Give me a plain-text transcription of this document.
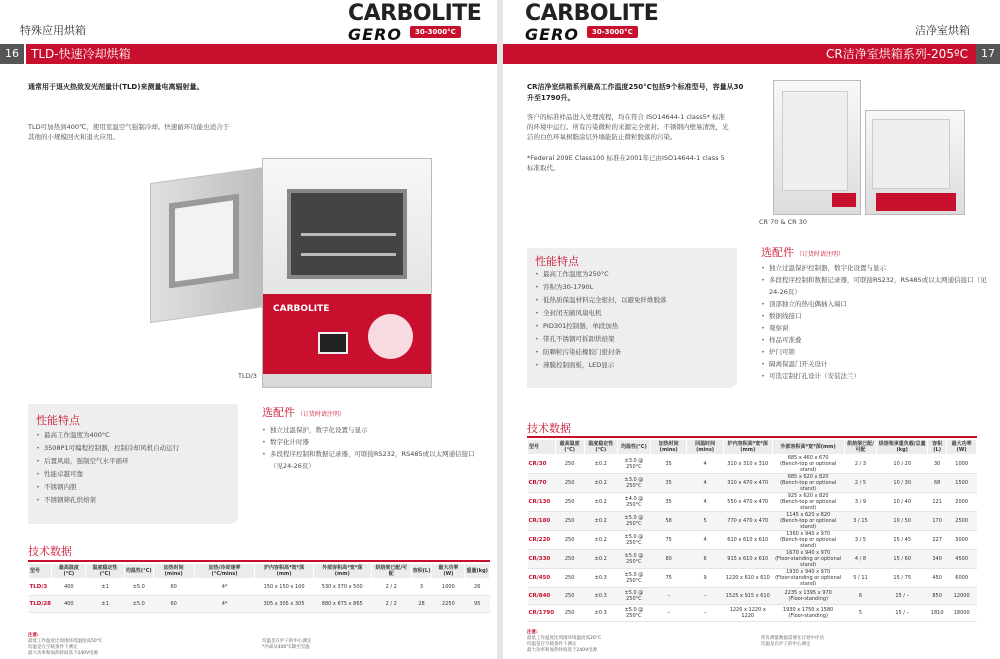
特殊应用烘箱
CARBOLITE
GERO	30-3000°C
16	TLD-快速冷却烘箱
通常用于退火热致发光剂量计(TLD)来测量电离辐射量。
TLD可加热到400℃，使用室温空气强制冷却。快速循环功能也适合于
其他的小规模回火和退火应用。
CARBOLITE
TLD/3
性能特点
• 最高工作温度为400°C
• 3508P1可编程控制器，控制冷却风机自动运行
• 后置风扇，强制空气水平循环
• 性能卓越可靠
• 不锈钢内胆
• 不锈钢筛孔烘焙架
选配件 （订货时请注明）
• 独立过温保护，数字化设置与显示
• 数字化计时器
• 多段程序控制和数据记录器，可联接RS232，RS485或以太网通信接口（见24-26页）
技术数据
型号	最高温度(°C)	温度稳定性(°C)	均温性(°C)	加热时间(mins)	加热/冷却速率(°C/mins)	炉内容积高*宽*深(mm)	外部容积高*宽*深(mm)	烘焙架已配/可配	容积(L)	最大功率(W)	重量(kg)
TLD/3	400	±1	±5.0	60	4*	150 x 150 x 100	530 x 370 x 500	2 / 2	3	1000	26
TLD/28	400	±1	±5.0	60	4*	305 x 305 x 305	880 x 675 x 865	2 / 2	28	2250	95
注意:
最低工作温度比周围环境温度高50°C
均温是在空载条件下测定
最大功率和加热时间基于240V电源
均温是在炉子的中心测定
*冷却从400°C降至室温
CARBOLITE
GERO	30-3000°C	洁净室烘箱
CR洁净室烘箱系列-205ºC	17
CR洁净室烘箱系列最高工作温度250°C包括9个标准型号，容量从30
升至1790升。
客户的标准样品进入处理流程，均在符合 ISO14644-1 class5* 标准
的环境中运行。所有污染微粒的来源完全密封。不锈钢内壁易清洗，光
洁的白色环氧树脂涂层外墙能防止微粒脱落的污染。
*Federal 209E Class100 标准在2001年已由ISO14644-1 class 5
标准取代。
CR 70 & CR 30
性能特点
• 最高工作温度为250°C
• 容积为30-1790L
• 低热质保温材料完全密封，以避免纤维脱落
• 全封闭无刷风扇电机
• PID301控制器，单段加热
• 带孔不锈钢可拆卸烘焙架
• 防颗粒污染硅橡胶门密封条
• 薄膜控制面板，LED显示
选配件 （订货时请注明）
• 独立过温保护控制器，数字化设置与显示
• 多段程序控制和数据记录器，可联接RS232，RS485或以太网通信接口（见24-26页）
• 顶部独立的热电偶插入端口
• 数据线接口
• 观察窗
• 样品可准叠
• 炉门可锁
• 隔离保温门开关设计
• 可选定制打孔设计（安装法兰）
技术数据
型号	最高温度(°C)	温度稳定性(°C)	均温性(°C)	加热时间(mins)	回温时间(mins)	炉内容积高*宽*深(mm)	外部容积高*宽*深(mm)	烘焙架已配/可配	烘焙架承重负载/总量(kg)	容积(L)	最大功率(W)
CR/30	250	±0.2	±3.0 @ 250°C	35	4	310 x 310 x 310	685 x 460 x 670
(Bench-top or optional stand)	2 / 3	10 / 20	30	1000
CR/70	250	±0.2	±3.0 @ 250°C	35	4	310 x 470 x 470	685 x 620 x 820
(Bench-top or optional stand)	2 / 5	10 / 30	68	1500
CR/130	250	±0.2	±4.0 @ 250°C	35	4	550 x 470 x 470	925 x 620 x 820
(Bench-top or optional stand)	3 / 9	10 / 40	121	2000
CR/180	250	±0.2	±5.0 @ 250°C	58	5	770 x 470 x 470	1145 x 620 x 820
(Bench-top or optional stand)	3 / 15	10 / 50	170	2500
CR/220	250	±0.2	±5.0 @ 250°C	75	4	610 x 610 x 610	1360 x 940 x 970
(Bench-top or optional stand)	3 / 5	15 / 45	227	3000
CR/330	250	±0.2	±5.0 @ 250°C	80	6	915 x 610 x 610	1670 x 940 x 970
(Floor-standing or optional stand)	4 / 8	15 / 60	340	4500
CR/450	250	±0.3	±5.0 @ 250°C	75	9	1220 x 610 x 610	1930 x 940 x 970
(Floor-standing or optional stand)	5 / 11	15 / 75	450	6000
CR/840	250	±0.3	±5.0 @ 250°C	–	–	1525 x 915 x 610	2235 x 1395 x 970
(Floor-standing)	6	15 / –	850	12000
CR/1790	250	±0.3	±5.0 @ 250°C	–	–	1220 x 1220 x 1220	1930 x 1750 x 1580
(Floor-standing)	5	15 / –	1810	18000
注意:
最低工作温度比周围环境温度高20°C
均温是在空载条件下测定
最大功率和加热时间基于240V电源
所有测量数据需要在计划中评估
均温是在炉子的中心测定
